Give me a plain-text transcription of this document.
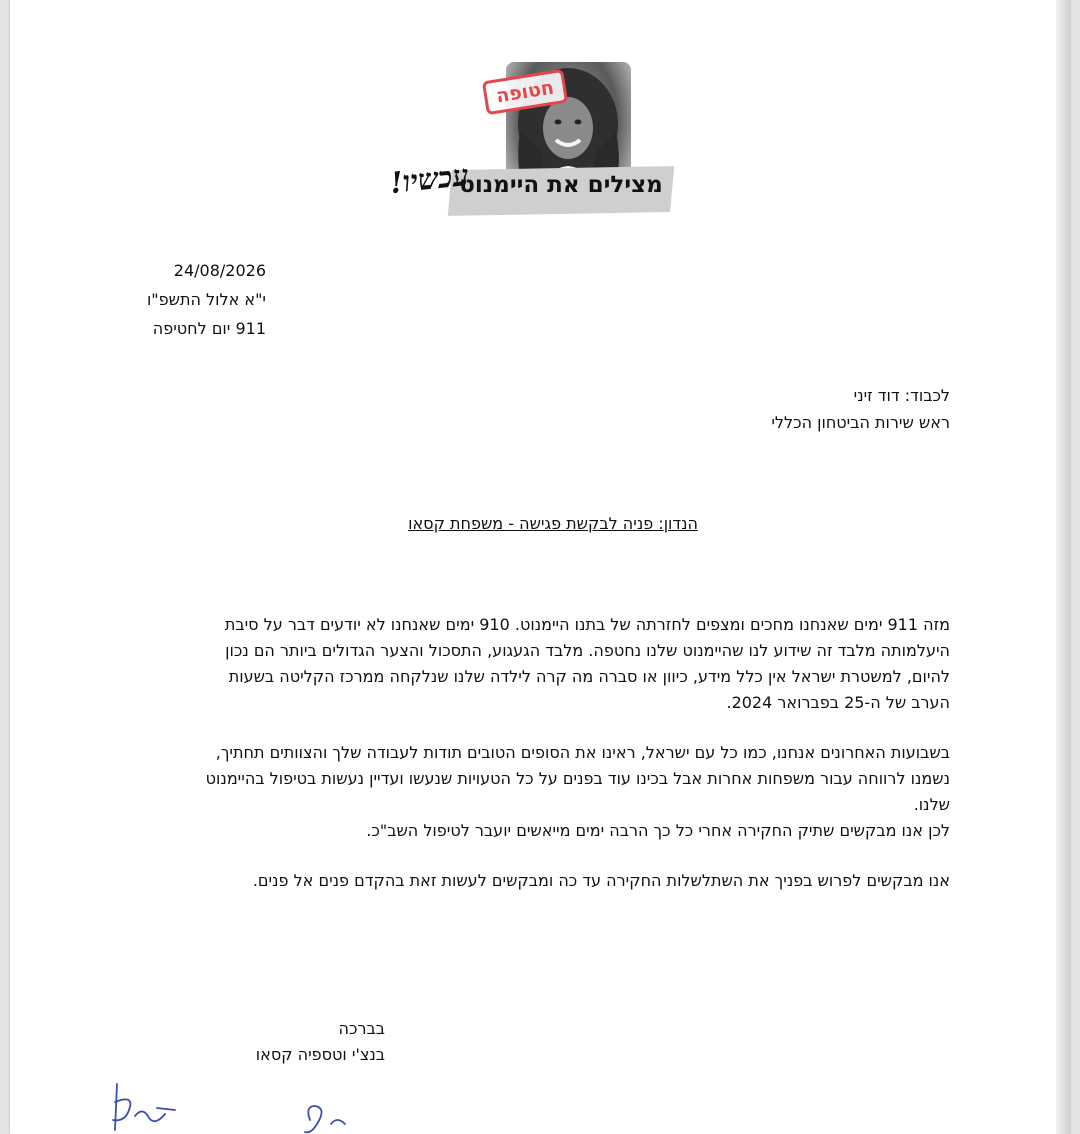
חטופה
מצילים את היימנוט
עכשיו!
24/08/2026
י"א אלול התשפ"ו
911 יום לחטיפה
לכבוד: דוד זיני
ראש שירות הביטחון הכללי
הנדון: פניה לבקשת פגישה - משפחת קסאו
מזה 911 ימים שאנחנו מחכים ומצפים לחזרתה של בתנו היימנוט. 910 ימים שאנחנו לא יודעים דבר על סיבת
היעלמותה מלבד זה שידוע לנו שהיימנוט שלנו נחטפה. מלבד הגעגוע, התסכול והצער הגדולים ביותר הם נכון
להיום, למשטרת ישראל אין כלל מידע, כיוון או סברה מה קרה לילדה שלנו שנלקחה ממרכז הקליטה בשעות
הערב של ה-25 בפברואר 2024.
בשבועות האחרונים אנחנו, כמו כל עם ישראל, ראינו את הסופים הטובים תודות לעבודה שלך והצוותים תחתיך,
נשמנו לרווחה עבור משפחות אחרות אבל בכינו עוד בפנים על כל הטעויות שנעשו ועדיין נעשות בטיפול בהיימנוט
שלנו.
לכן אנו מבקשים שתיק החקירה אחרי כל כך הרבה ימים מייאשים יועבר לטיפול השב"כ.
אנו מבקשים לפרוש בפניך את השתלשלות החקירה עד כה ומבקשים לעשות זאת בהקדם פנים אל פנים.
בברכה
בנצ'י וטספיה קסאו
